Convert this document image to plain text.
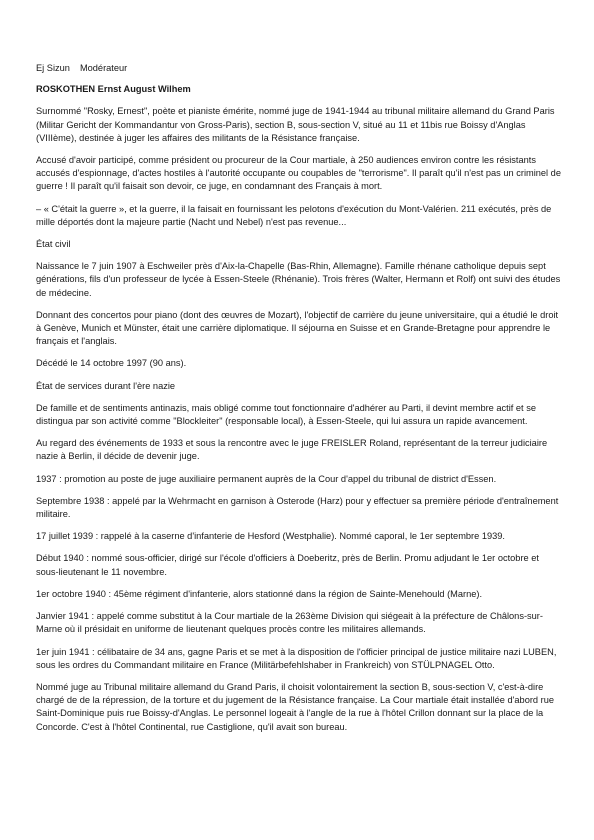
Ej Sizun Modérateur
ROSKOTHEN Ernst August Wilhem

Surnommé "Rosky, Ernest", poète et pianiste émérite, nommé juge de 1941-1944 au tribunal militaire allemand du Grand Paris (Militar Gericht der Kommandantur von Gross-Paris), section B, sous-section V, situé au 11 et 11bis rue Boissy d'Anglas (VIIIème), destinée à juger les affaires des militants de la Résistance française.

Accusé d'avoir participé, comme président ou procureur de la Cour martiale, à 250 audiences environ contre les résistants accusés d'espionnage, d'actes hostiles à l'autorité occupante ou coupables de "terrorisme". Il paraît qu'il n'est pas un criminel de guerre ! Il paraît qu'il faisait son devoir, ce juge, en condamnant des Français à mort.

– « C'était la guerre », et la guerre, il la faisait en fournissant les pelotons d'exécution du Mont-Valérien. 211 exécutés, près de mille déportés dont la majeure partie (Nacht und Nebel) n'est pas revenue...

État civil

Naissance le 7 juin 1907 à Eschweiler près d'Aix-la-Chapelle (Bas-Rhin, Allemagne). Famille rhénane catholique depuis sept générations, fils d'un professeur de lycée à Essen-Steele (Rhénanie). Trois frères (Walter, Hermann et Rolf) ont suivi des études de médecine.

Donnant des concertos pour piano (dont des œuvres de Mozart), l'objectif de carrière du jeune universitaire, qui a étudié le droit à Genève, Munich et Münster, était une carrière diplomatique. Il séjourna en Suisse et en Grande-Bretagne pour apprendre le français et l'anglais.

Décédé le 14 octobre 1997 (90 ans).

État de services durant l'ère nazie

De famille et de sentiments antinazis, mais obligé comme tout fonctionnaire d'adhérer au Parti, il devint membre actif et se distingua par son activité comme "Blockleiter" (responsable local), à Essen-Steele, qui lui assura un rapide avancement.

Au regard des événements de 1933 et sous la rencontre avec le juge FREISLER Roland, représentant de la terreur judiciaire nazie à Berlin, il décide de devenir juge.

1937 : promotion au poste de juge auxiliaire permanent auprès de la Cour d'appel du tribunal de district d'Essen.

Septembre 1938 : appelé par la Wehrmacht en garnison à Osterode (Harz) pour y effectuer sa première période d'entraînement militaire.

17 juillet 1939 : rappelé à la caserne d'infanterie de Hesford (Westphalie). Nommé caporal, le 1er septembre 1939.

Début 1940 : nommé sous-officier, dirigé sur l'école d'officiers à Doeberitz, près de Berlin. Promu adjudant le 1er octobre et sous-lieutenant le 11 novembre.

1er octobre 1940 : 45ème régiment d'infanterie, alors stationné dans la région de Sainte-Menehould (Marne).

Janvier 1941 : appelé comme substitut à la Cour martiale de la 263ème Division qui siégeait à la préfecture de Châlons-sur-Marne où il présidait en uniforme de lieutenant quelques procès contre les militaires allemands.

1er juin 1941 : célibataire de 34 ans, gagne Paris et se met à la disposition de l'officier principal de justice militaire nazi LUBEN, sous les ordres du Commandant militaire en France (Militärbefehlshaber in Frankreich) von STÜLPNAGEL Otto.

Nommé juge au Tribunal militaire allemand du Grand Paris, il choisit volontairement la section B, sous-section V, c'est-à-dire chargé de de la répression, de la torture et du jugement de la Résistance française. La Cour martiale était installée d'abord rue Saint-Dominique puis rue Boissy-d'Anglas. Le personnel logeait à l'angle de la rue à l'hôtel Crillon donnant sur la place de la Concorde. C'est à l'hôtel Continental, rue Castiglione, qu'il avait son bureau.
